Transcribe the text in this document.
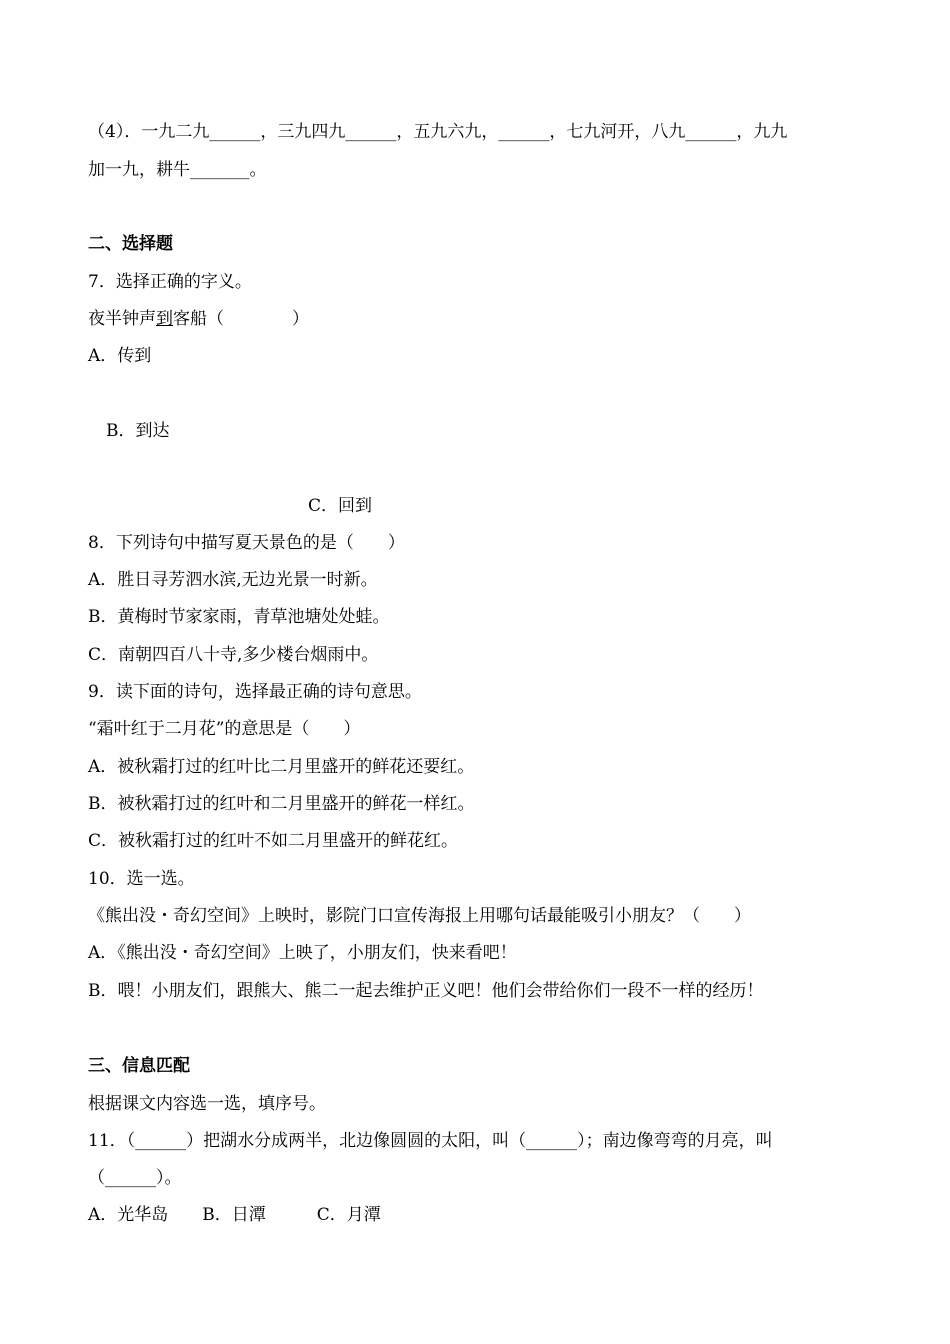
（4）．一九二九______，三九四九______，五九六九，______，七九河开，八九______，九九
加一九，耕牛_______。
二、选择题
7．选择正确的字义。
夜半钟声到客船（　　　　）
A．传到
B．到达
C．回到
8．下列诗句中描写夏天景色的是（　　）
A．胜日寻芳泗水滨,无边光景一时新。
B．黄梅时节家家雨，青草池塘处处蛙。
C．南朝四百八十寺,多少楼台烟雨中。
9．读下面的诗句，选择最正确的诗句意思。
“霜叶红于二月花”的意思是（　　）
A．被秋霜打过的红叶比二月里盛开的鲜花还要红。
B．被秋霜打过的红叶和二月里盛开的鲜花一样红。
C．被秋霜打过的红叶不如二月里盛开的鲜花红。
10．选一选。
《熊出没・奇幻空间》上映时，影院门口宣传海报上用哪句话最能吸引小朋友？（　　）
A．《熊出没・奇幻空间》上映了，小朋友们，快来看吧！
B．喂！小朋友们，跟熊大、熊二一起去维护正义吧！他们会带给你们一段不一样的经历！
三、信息匹配
根据课文内容选一选，填序号。
11．（______）把湖水分成两半，北边像圆圆的太阳，叫（______）；南边像弯弯的月亮，叫
（______）。
A．光华岛　　B．日潭　　　C．月潭
